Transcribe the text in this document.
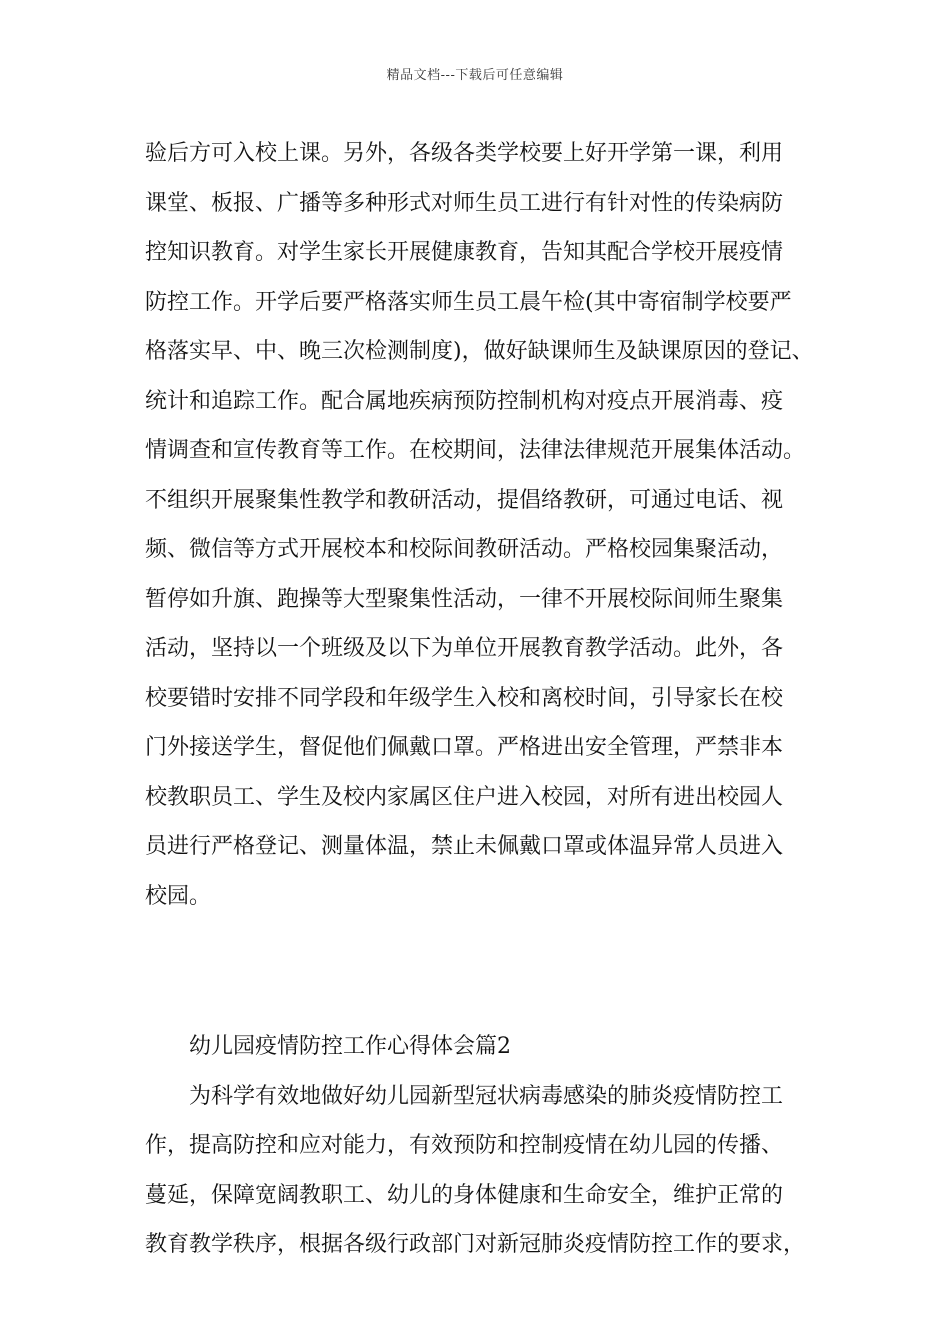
精品文档---下载后可任意编辑
验后方可入校上课。另外，各级各类学校要上好开学第一课，利用
课堂、板报、广播等多种形式对师生员工进行有针对性的传染病防
控知识教育。对学生家长开展健康教育，告知其配合学校开展疫情
防控工作。开学后要严格落实师生员工晨午检(其中寄宿制学校要严
格落实早、中、晚三次检测制度)，做好缺课师生及缺课原因的登记、
统计和追踪工作。配合属地疾病预防控制机构对疫点开展消毒、疫
情调查和宣传教育等工作。在校期间，法律法律规范开展集体活动。
不组织开展聚集性教学和教研活动，提倡络教研，可通过电话、视
频、微信等方式开展校本和校际间教研活动。严格校园集聚活动，
暂停如升旗、跑操等大型聚集性活动，一律不开展校际间师生聚集
活动，坚持以一个班级及以下为单位开展教育教学活动。此外，各
校要错时安排不同学段和年级学生入校和离校时间，引导家长在校
门外接送学生，督促他们佩戴口罩。严格进出安全管理，严禁非本
校教职员工、学生及校内家属区住户进入校园，对所有进出校园人
员进行严格登记、测量体温，禁止未佩戴口罩或体温异常人员进入
校园。
幼儿园疫情防控工作心得体会篇2
为科学有效地做好幼儿园新型冠状病毒感染的肺炎疫情防控工
作，提高防控和应对能力，有效预防和控制疫情在幼儿园的传播、
蔓延，保障宽阔教职工、幼儿的身体健康和生命安全，维护正常的
教育教学秩序，根据各级行政部门对新冠肺炎疫情防控工作的要求，
